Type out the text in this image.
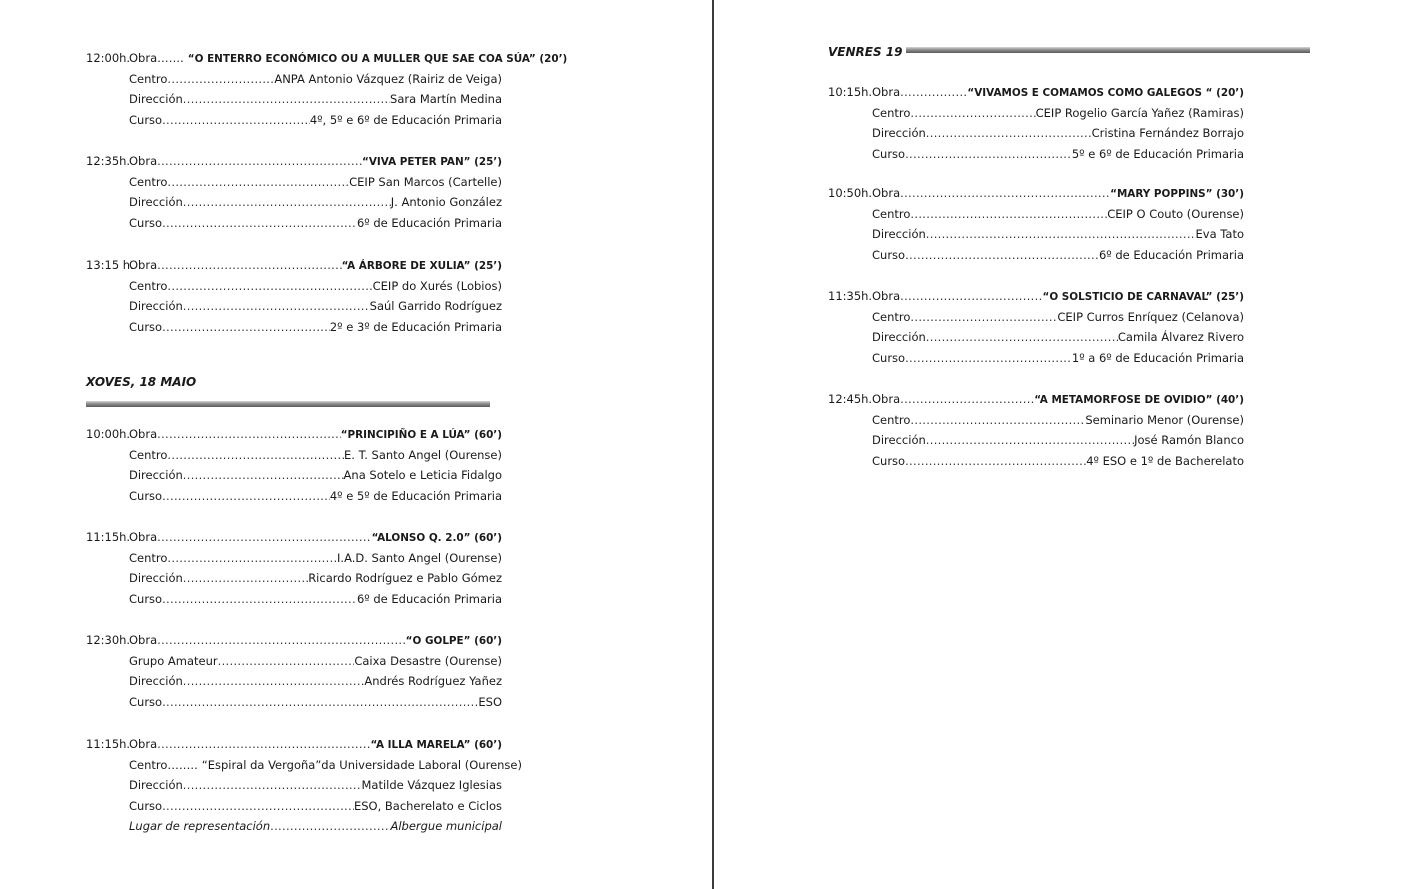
XOVES, 18 MAIO
12:00h.
Obra ……. “O ENTERRO ECONÓMICO OU A MULLER QUE SAE COA SÚA” (20’)
Centro .....	ANPA Antonio Vázquez (Rairiz de Veiga)
Dirección .....	Sara Martín Medina
Curso .....	4º, 5º e 6º de Educación Primaria
12:35h.
Obra .....	“VIVA PETER PAN” (25’)
Centro .....	CEIP San Marcos (Cartelle)
Dirección .....	J. Antonio González
Curso .....	6º de Educación Primaria
13:15 h.
Obra .....	“A ÁRBORE DE XULIA” (25’)
Centro .....	CEIP do Xurés (Lobios)
Dirección .....	Saúl Garrido Rodríguez
Curso .....	2º e 3º de Educación Primaria
10:00h.
Obra .....	“PRINCIPIÑO E A LÚA” (60’)
Centro .....	E. T. Santo Angel (Ourense)
Dirección .....	Ana Sotelo e Leticia Fidalgo
Curso .....	4º e 5º de Educación Primaria
11:15h.
Obra .....	“ALONSO Q. 2.0” (60’)
Centro .....	I.A.D. Santo Angel (Ourense)
Dirección .....	Ricardo Rodríguez e Pablo Gómez
Curso .....	6º de Educación Primaria
12:30h.
Obra .....	“O GOLPE” (60’)
Grupo Amateur .....	Caixa Desastre (Ourense)
Dirección .....	Andrés Rodríguez Yañez
Curso .....	ESO
11:15h.
Obra .....	“A ILLA MARELA” (60’)
Centro …….. “Espiral da Vergoña”da Universidade Laboral (Ourense)
Dirección .....	Matilde Vázquez Iglesias
Curso .....	ESO, Bacherelato e Ciclos
Lugar de representación .....	Albergue municipal
VENRES 19
10:15h. Obra .....	“VIVAMOS E COMAMOS COMO GALEGOS “ (20’)
Centro .....	CEIP Rogelio García Yañez (Ramiras)
Dirección .....	Cristina Fernández Borrajo
Curso .....	5º e 6º de Educación Primaria
10:50h. Obra .....	“MARY POPPINS” (30’)
Centro .....	CEIP O Couto (Ourense)
Dirección .....	Eva Tato
Curso .....	6º de Educación Primaria
11:35h. Obra .....	“O SOLSTICIO DE CARNAVAL” (25’)
Centro .....	CEIP Curros Enríquez (Celanova)
Dirección .....	Camila Álvarez Rivero
Curso .....	1º a 6º de Educación Primaria
12:45h. Obra .....	“A METAMORFOSE DE OVIDIO” (40’)
Centro .....	Seminario Menor (Ourense)
Dirección .....	José Ramón Blanco
Curso .....	4º ESO e 1º de Bacherelato
